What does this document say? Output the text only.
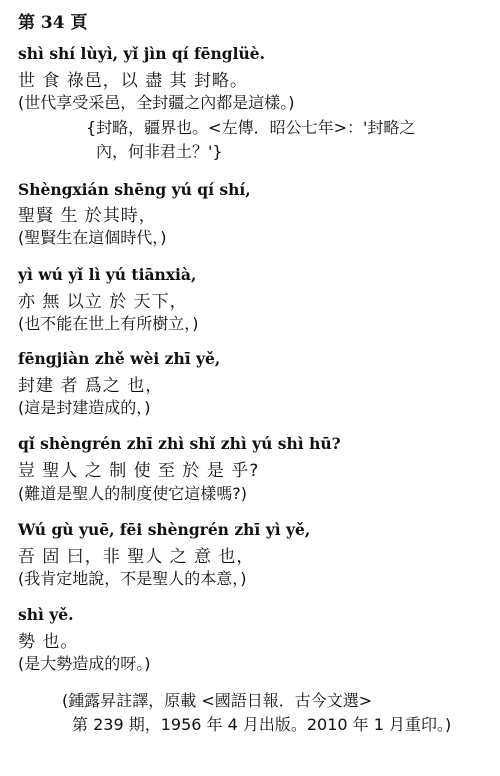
第 34 頁
shì shí lùyì, yǐ jìn qí fēnglüè.
世 食 祿邑，以 盡 其 封略。
(世代享受采邑，全封疆之內都是這樣。)
{封略，疆界也。<左傳．昭公七年>：'封略之
內，何非君土？'}
Shèngxián shēng yú qí shí,
聖賢 生 於其時，
(聖賢生在這個時代，)
yì wú yǐ lì yú tiānxià,
亦 無 以立 於 天下，
(也不能在世上有所樹立，)
fēngjiàn zhě wèi zhī yě,
封建 者 爲之 也，
(這是封建造成的，)
qǐ shèngrén zhī zhì shǐ zhì yú shì hū?
豈 聖人 之 制 使 至 於 是 乎?
(難道是聖人的制度使它這樣嗎?)
Wú gù yuē, fēi shèngrén zhī yì yě,
吾 固 曰，非 聖人 之 意 也，
(我肯定地說，不是聖人的本意，)
shì yě.
勢 也。
(是大勢造成的呀。)
(鍾露昇註譯，原載 <國語日報．古今文選>
第 239 期，1956 年 4 月出版。2010 年 1 月重印。)
